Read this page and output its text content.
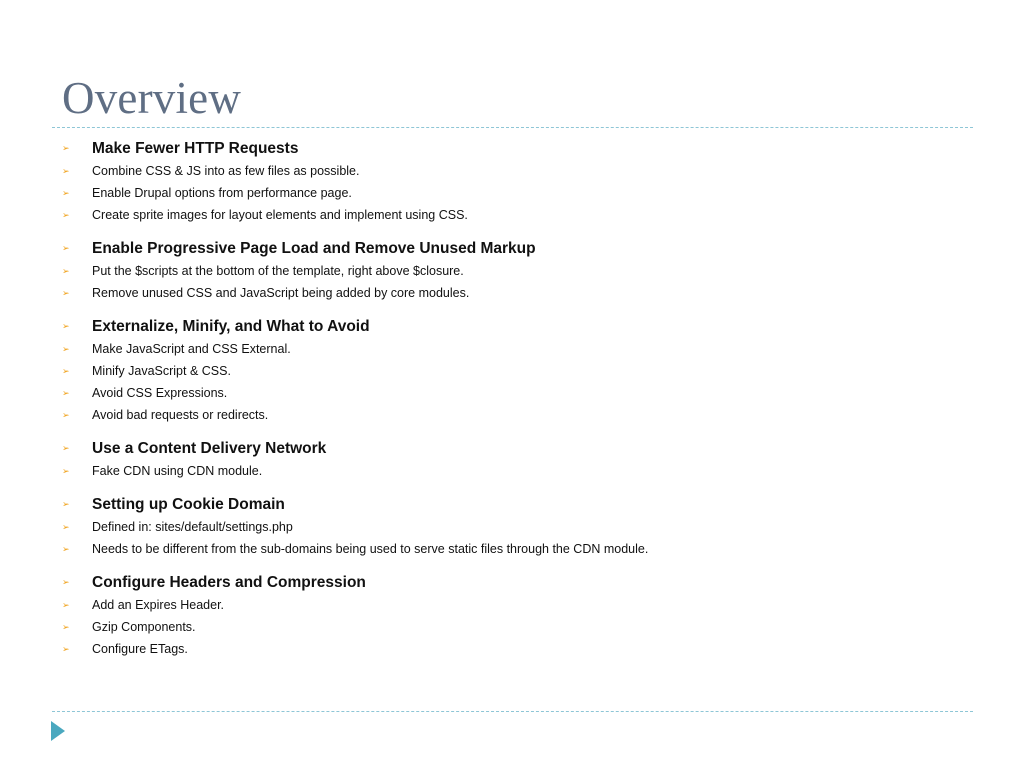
Overview
➢ Make Fewer HTTP Requests
➢ Combine CSS & JS into as few files as possible.
➢ Enable Drupal options from performance page.
➢ Create sprite images for layout elements and implement using CSS.
➢ Enable Progressive Page Load and Remove Unused Markup
➢ Put the $scripts at the bottom of the template, right above $closure.
➢ Remove unused CSS and JavaScript being added by core modules.
➢ Externalize, Minify, and What to Avoid
➢ Make JavaScript and CSS External.
➢ Minify JavaScript & CSS.
➢ Avoid CSS Expressions.
➢ Avoid bad requests or redirects.
➢ Use a Content Delivery Network
➢ Fake CDN using CDN module.
➢ Setting up Cookie Domain
➢ Defined in: sites/default/settings.php
➢ Needs to be different from the sub-domains being used to serve static files through the CDN module.
➢ Configure Headers and Compression
➢ Add an Expires Header.
➢ Gzip Components.
➢ Configure ETags.
